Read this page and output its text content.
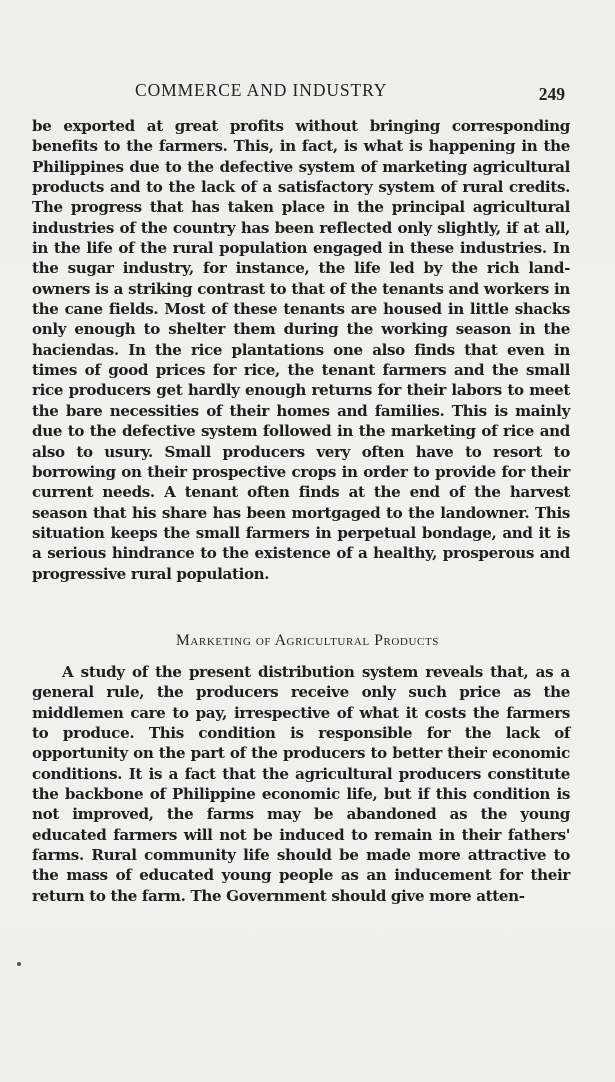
COMMERCE AND INDUSTRY	249

be exported at great profits without bringing corresponding benefits to the farmers. This, in fact, is what is happening in the Philippines due to the defective system of marketing agricultural products and to the lack of a satisfactory system of rural credits. The progress that has taken place in the principal agricultural industries of the country has been reflected only slightly, if at all, in the life of the rural population engaged in these industries. In the sugar industry, for instance, the life led by the rich land-owners is a striking contrast to that of the tenants and workers in the cane fields. Most of these tenants are housed in little shacks only enough to shelter them during the working season in the haciendas. In the rice plantations one also finds that even in times of good prices for rice, the tenant farmers and the small rice producers get hardly enough returns for their labors to meet the bare necessities of their homes and families. This is mainly due to the defective system followed in the marketing of rice and also to usury. Small producers very often have to resort to borrowing on their prospective crops in order to provide for their current needs. A tenant often finds at the end of the harvest season that his share has been mortgaged to the landowner. This situation keeps the small farmers in perpetual bondage, and it is a serious hindrance to the existence of a healthy, prosperous and progressive rural population.

Marketing of Agricultural Products

A study of the present distribution system reveals that, as a general rule, the producers receive only such price as the middlemen care to pay, irrespective of what it costs the farmers to produce. This condition is responsible for the lack of opportunity on the part of the producers to better their economic conditions. It is a fact that the agricultural producers constitute the backbone of Philippine economic life, but if this condition is not improved, the farms may be abandoned as the young educated farmers will not be induced to remain in their fathers' farms. Rural community life should be made more attractive to the mass of educated young people as an inducement for their return to the farm. The Government should give more atten-
